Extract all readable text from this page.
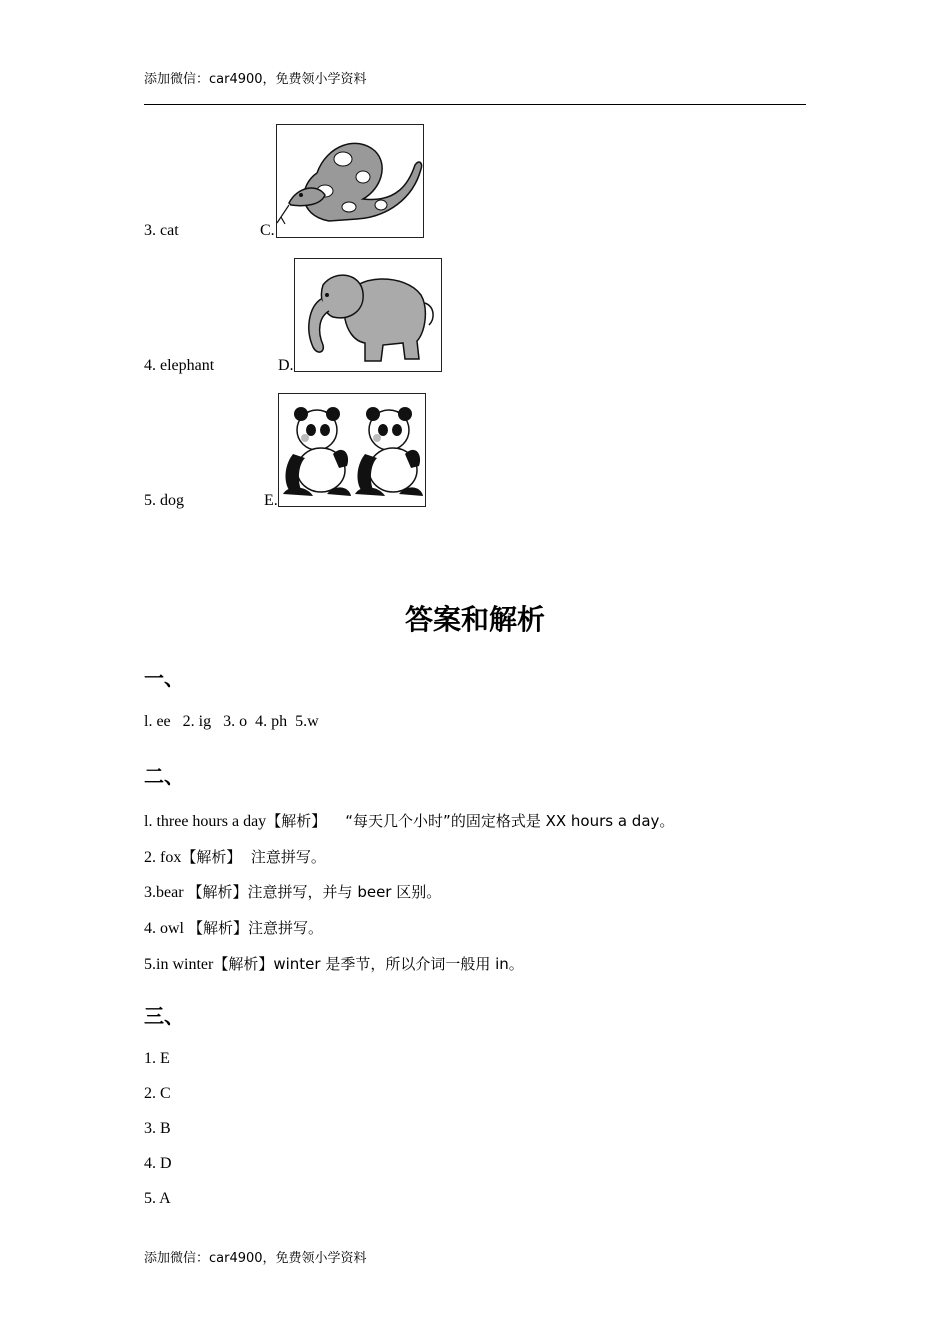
添加微信：car4900，免费领小学资料
3. cat	C.
4. elephant	D.
5. dog	E.
答案和解析
一、
l. ee   2. ig   3. o  4. ph  5.w
二、
l. three hours a day【解析】    “每天几个小时”的固定格式是 XX hours a day。
2. fox【解析】  注意拼写。
3.bear 【解析】注意拼写，并与 beer 区别。
4. owl 【解析】注意拼写。
5.in winter【解析】winter 是季节，所以介词一般用 in。
三、
1. E
2. C
3. B
4. D
5. A
添加微信：car4900，免费领小学资料
